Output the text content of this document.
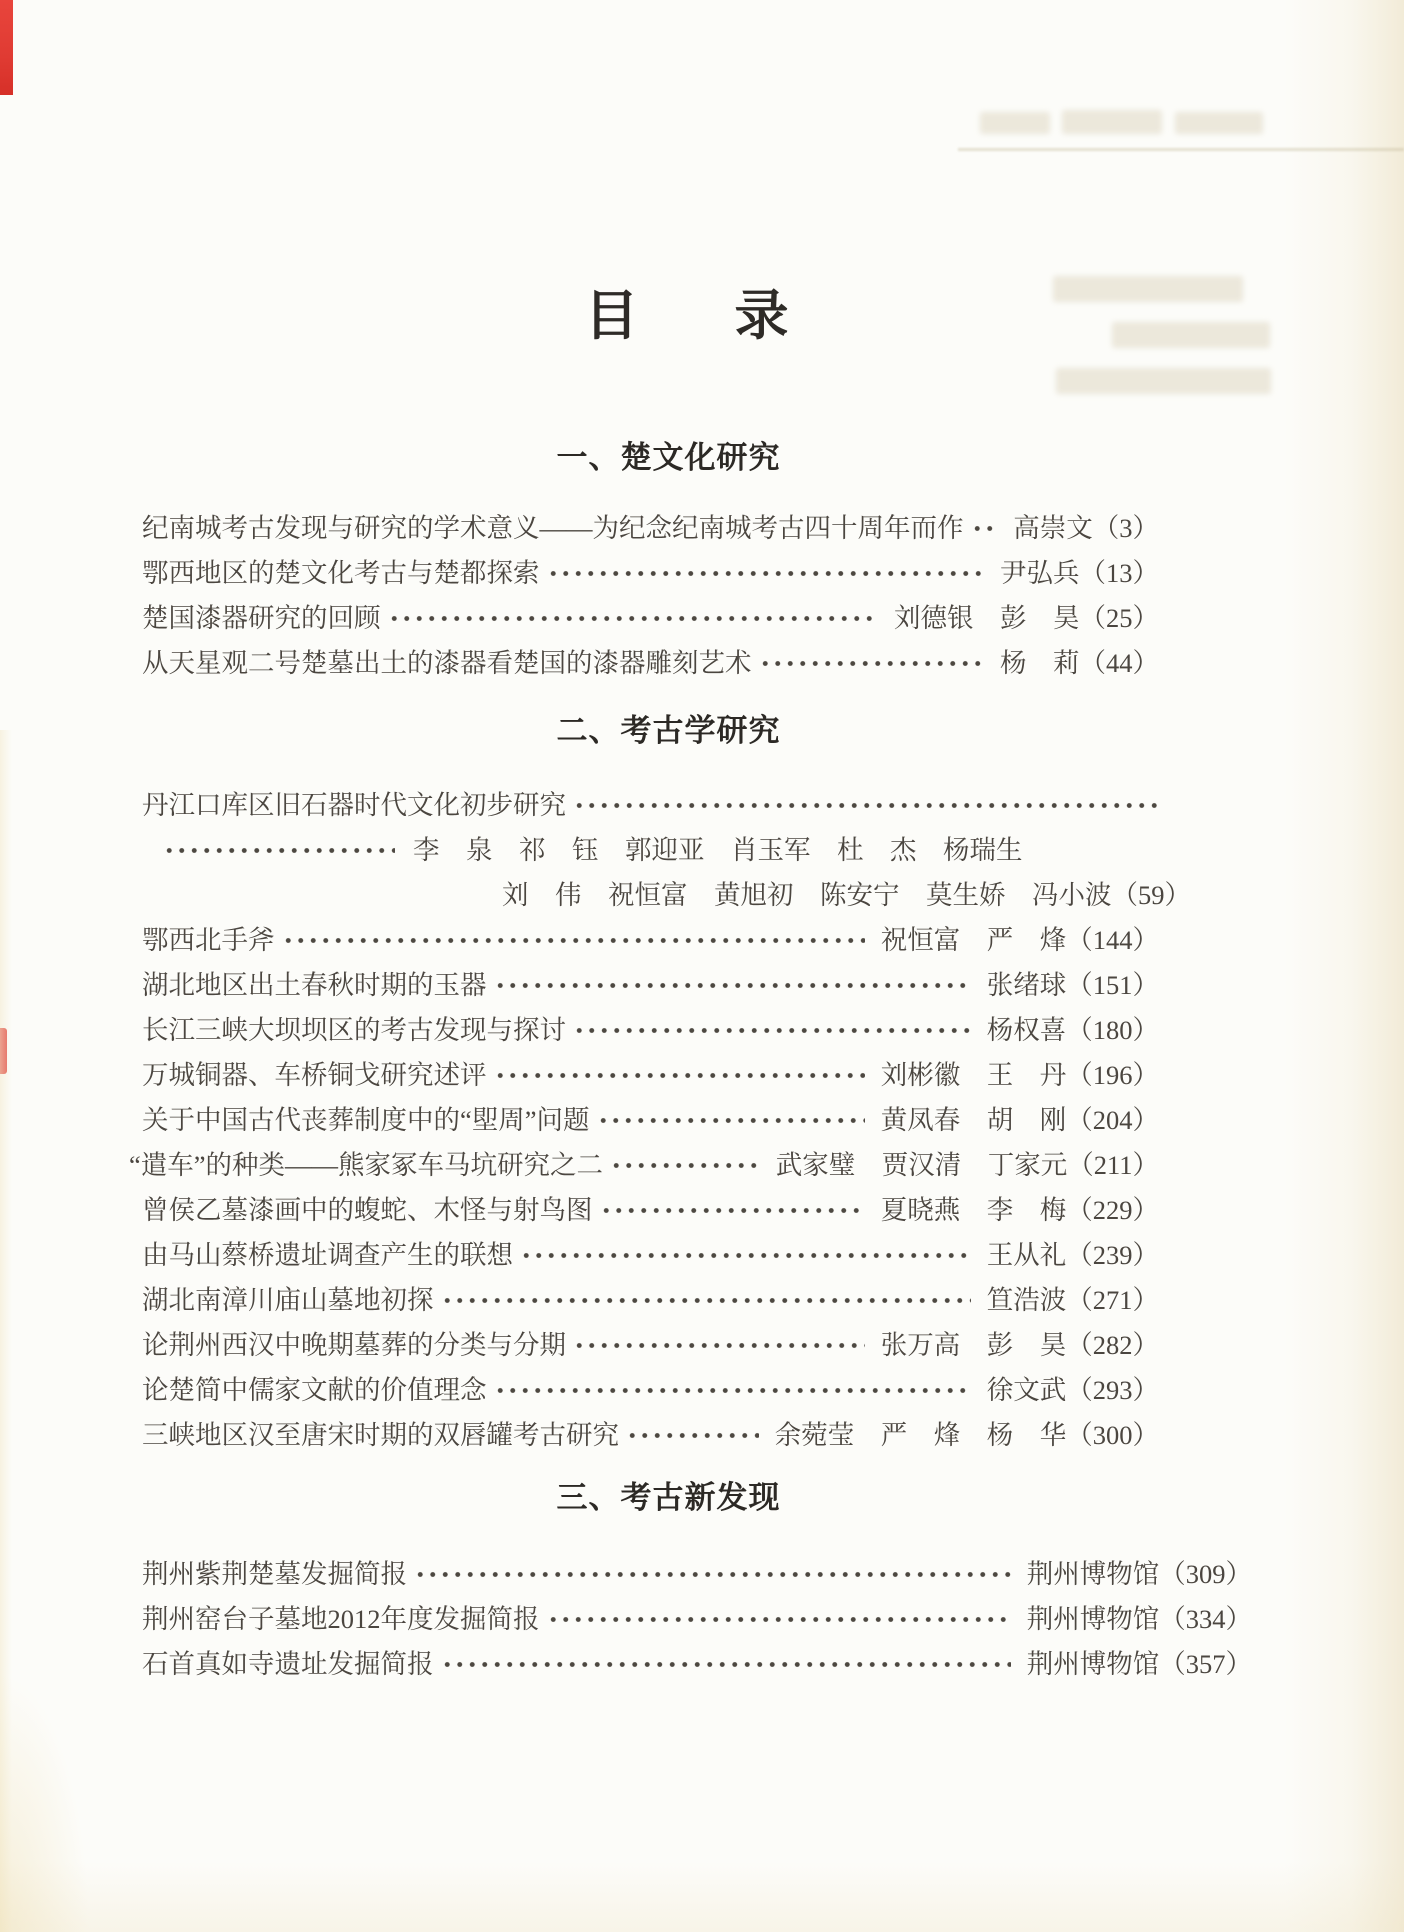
目 录
一、楚文化研究
纪南城考古发现与研究的学术意义——为纪念纪南城考古四十周年而作 高崇文（3）
鄂西地区的楚文化考古与楚都探索	尹弘兵（13）
楚国漆器研究的回顾	刘德银　彭　昊（25）
从天星观二号楚墓出土的漆器看楚国的漆器雕刻艺术	杨　莉（44）
二、考古学研究
丹江口库区旧石器时代文化初步研究
李　泉　祁　钰　郭迎亚　肖玉军　杜　杰　杨瑞生
刘　伟　祝恒富　黄旭初　陈安宁　莫生娇　冯小波（59）
鄂西北手斧	祝恒富　严　烽（144）
湖北地区出土春秋时期的玉器	张绪球（151）
长江三峡大坝坝区的考古发现与探讨	杨权喜（180）
万城铜器、车桥铜戈研究述评	刘彬徽　王　丹（196）
关于中国古代丧葬制度中的“堲周”问题	黄凤春　胡　刚（204）
“遣车”的种类——熊家冢车马坑研究之二	武家璧　贾汉清　丁家元（211）
曾侯乙墓漆画中的蝮蛇、木怪与射鸟图	夏晓燕　李　梅（229）
由马山蔡桥遗址调查产生的联想	王从礼（239）
湖北南漳川庙山墓地初探	笪浩波（271）
论荆州西汉中晚期墓葬的分类与分期	张万高　彭　昊（282）
论楚简中儒家文献的价值理念	徐文武（293）
三峡地区汉至唐宋时期的双唇罐考古研究	余菀莹　严　烽　杨　华（300）
三、考古新发现
荆州紫荆楚墓发掘简报	荆州博物馆（309）
荆州窑台子墓地2012年度发掘简报	荆州博物馆（334）
石首真如寺遗址发掘简报	荆州博物馆（357）
